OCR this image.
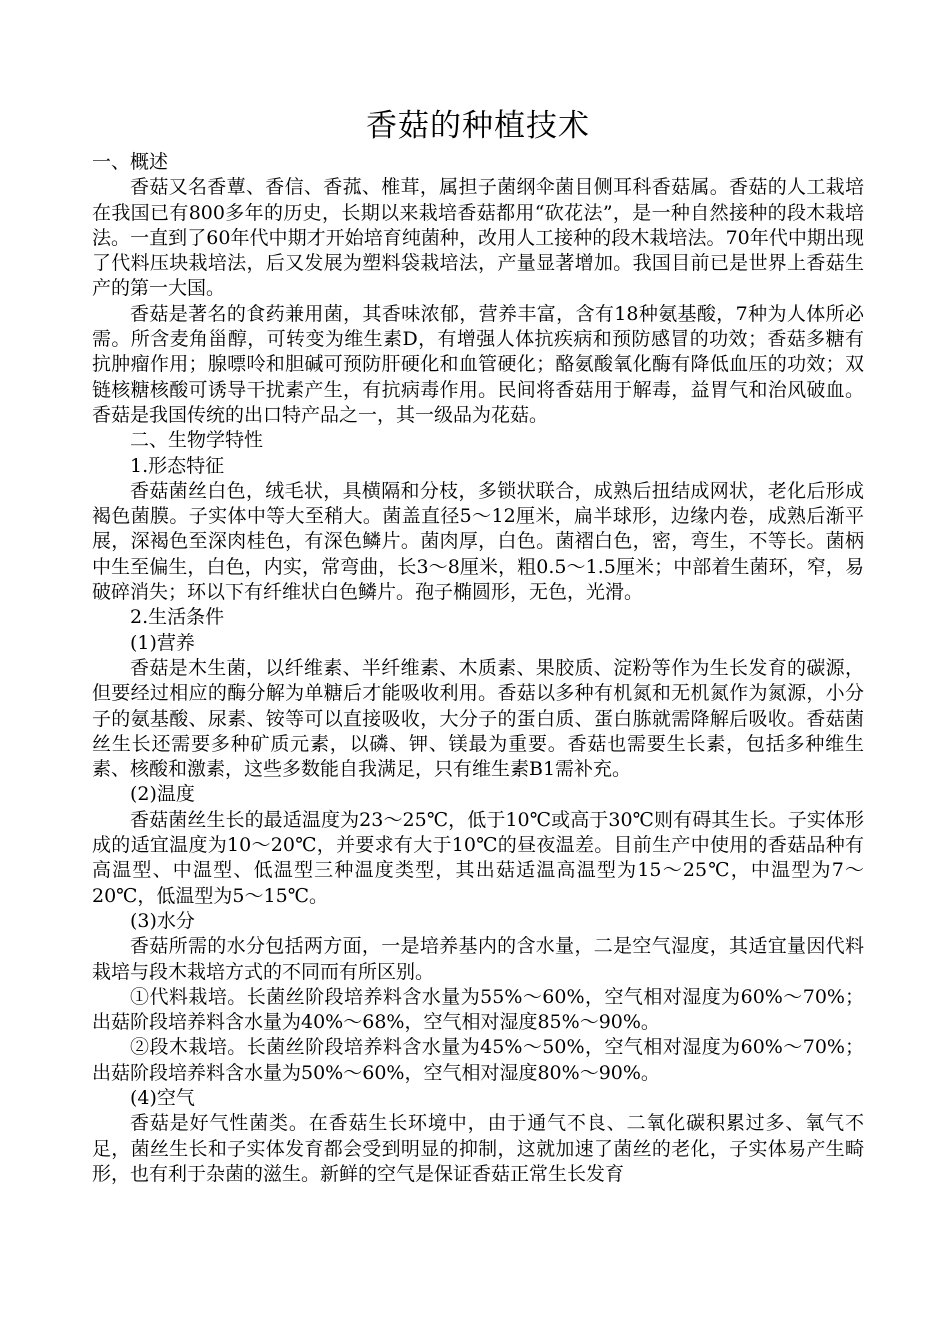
香菇的种植技术

一、概述

香菇又名香蕈、香信、香菰、椎茸，属担子菌纲伞菌目侧耳科香菇属。香菇的人工栽培在我国已有800多年的历史，长期以来栽培香菇都用“砍花法”，是一种自然接种的段木栽培法。一直到了60年代中期才开始培育纯菌种，改用人工接种的段木栽培法。70年代中期出现了代料压块栽培法，后又发展为塑料袋栽培法，产量显著增加。我国目前已是世界上香菇生产的第一大国。

香菇是著名的食药兼用菌，其香味浓郁，营养丰富，含有18种氨基酸，7种为人体所必需。所含麦角甾醇，可转变为维生素D，有增强人体抗疾病和预防感冒的功效；香菇多糖有抗肿瘤作用；腺嘌呤和胆碱可预防肝硬化和血管硬化；酪氨酸氧化酶有降低血压的功效；双链核糖核酸可诱导干扰素产生，有抗病毒作用。民间将香菇用于解毒，益胃气和治风破血。香菇是我国传统的出口特产品之一，其一级品为花菇。

二、生物学特性

1.形态特征

香菇菌丝白色，绒毛状，具横隔和分枝，多锁状联合，成熟后扭结成网状，老化后形成褐色菌膜。子实体中等大至稍大。菌盖直径5～12厘米，扁半球形，边缘内卷，成熟后渐平展，深褐色至深肉桂色，有深色鳞片。菌肉厚，白色。菌褶白色，密，弯生，不等长。菌柄中生至偏生，白色，内实，常弯曲，长3～8厘米，粗0.5～1.5厘米；中部着生菌环，窄，易破碎消失；环以下有纤维状白色鳞片。孢子椭圆形，无色，光滑。

2.生活条件

(1)营养

香菇是木生菌，以纤维素、半纤维素、木质素、果胶质、淀粉等作为生长发育的碳源，但要经过相应的酶分解为单糖后才能吸收利用。香菇以多种有机氮和无机氮作为氮源，小分子的氨基酸、尿素、铵等可以直接吸收，大分子的蛋白质、蛋白胨就需降解后吸收。香菇菌丝生长还需要多种矿质元素，以磷、钾、镁最为重要。香菇也需要生长素，包括多种维生素、核酸和激素，这些多数能自我满足，只有维生素B1需补充。

(2)温度

香菇菌丝生长的最适温度为23～25℃，低于10℃或高于30℃则有碍其生长。子实体形成的适宜温度为10～20℃，并要求有大于10℃的昼夜温差。目前生产中使用的香菇品种有高温型、中温型、低温型三种温度类型，其出菇适温高温型为15～25℃，中温型为7～20℃，低温型为5～15℃。

(3)水分

香菇所需的水分包括两方面，一是培养基内的含水量，二是空气湿度，其适宜量因代料栽培与段木栽培方式的不同而有所区别。

①代料栽培。长菌丝阶段培养料含水量为55%～60%，空气相对湿度为60%～70%；出菇阶段培养料含水量为40%～68%，空气相对湿度85%～90%。

②段木栽培。长菌丝阶段培养料含水量为45%～50%，空气相对湿度为60%～70%；出菇阶段培养料含水量为50%～60%，空气相对湿度80%～90%。

(4)空气

香菇是好气性菌类。在香菇生长环境中，由于通气不良、二氧化碳积累过多、氧气不足，菌丝生长和子实体发育都会受到明显的抑制，这就加速了菌丝的老化，子实体易产生畸形，也有利于杂菌的滋生。新鲜的空气是保证香菇正常生长发育
